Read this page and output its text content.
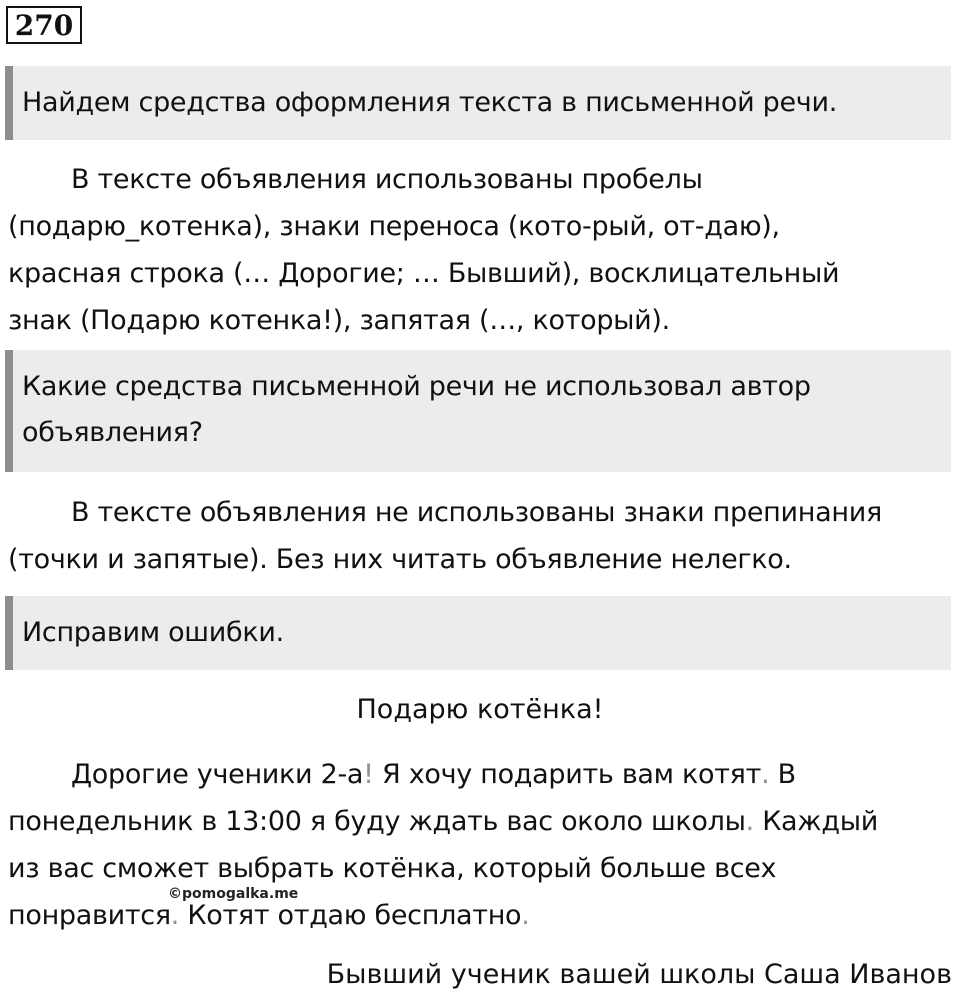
270
Найдем средства оформления текста в письменной речи.
В тексте объявления использованы пробелы
(подарю_котенка), знаки переноса (кото-рый, от-даю),
красная строка (… Дорогие; … Бывший), восклицательный
знак (Подарю котенка!), запятая (…, который).
Какие средства письменной речи не использовал автор
объявления?
В тексте объявления не использованы знаки препинания
(точки и запятые). Без них читать объявление нелегко.
Исправим ошибки.
Подарю котёнка!
Дорогие ученики 2-а! Я хочу подарить вам котят. В
понедельник в 13:00 я буду ждать вас около школы. Каждый
из вас сможет выбрать котёнка, который больше всех
понравится. Котят отдаю бесплатно.
©pomogalka.me
Бывший ученик вашей школы Саша Иванов
